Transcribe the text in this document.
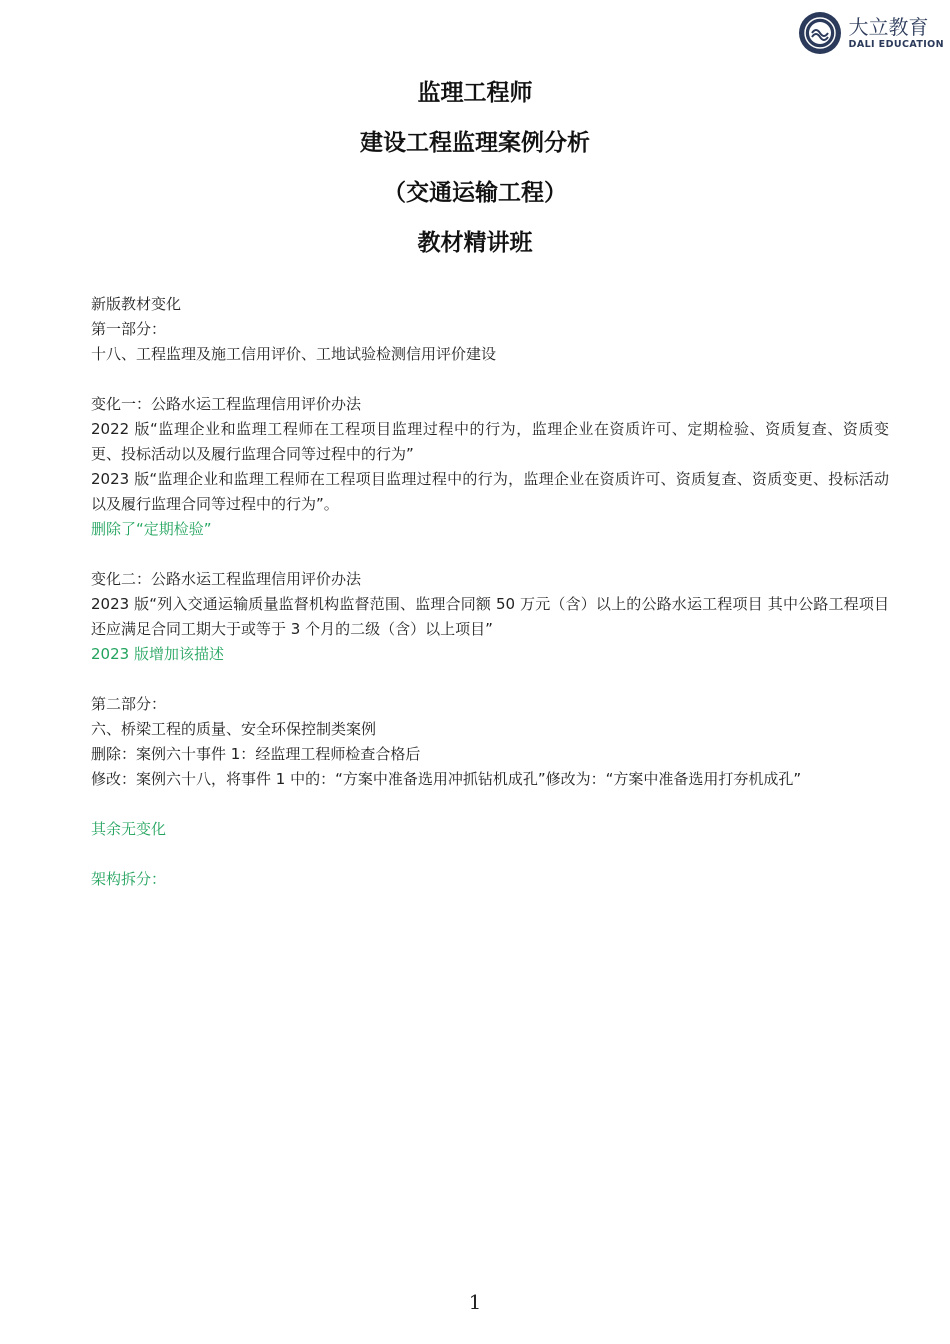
大立教育
DALI EDUCATION
监理工程师
建设工程监理案例分析
（交通运输工程）
教材精讲班

新版教材变化

第一部分：

十八、工程监理及施工信用评价、工地试验检测信用评价建设

变化一：公路水运工程监理信用评价办法

2022 版“监理企业和监理工程师在工程项目监理过程中的行为，监理企业在资质许可、定期检验、资质复查、资质变更、投标活动以及履行监理合同等过程中的行为”

2023 版“监理企业和监理工程师在工程项目监理过程中的行为，监理企业在资质许可、资质复查、资质变更、投标活动以及履行监理合同等过程中的行为”。

删除了“定期检验”

变化二：公路水运工程监理信用评价办法

2023 版“列入交通运输质量监督机构监督范围、监理合同额 50 万元（含）以上的公路水运工程项目 其中公路工程项目还应满足合同工期大于或等于 3 个月的二级（含）以上项目”

2023 版增加该描述

第二部分：

六、桥梁工程的质量、安全环保控制类案例

删除：案例六十事件 1：经监理工程师检查合格后

修改：案例六十八，将事件 1 中的：“方案中准备选用冲抓钻机成孔”修改为：“方案中准备选用打夯机成孔”

其余无变化

架构拆分：

1
